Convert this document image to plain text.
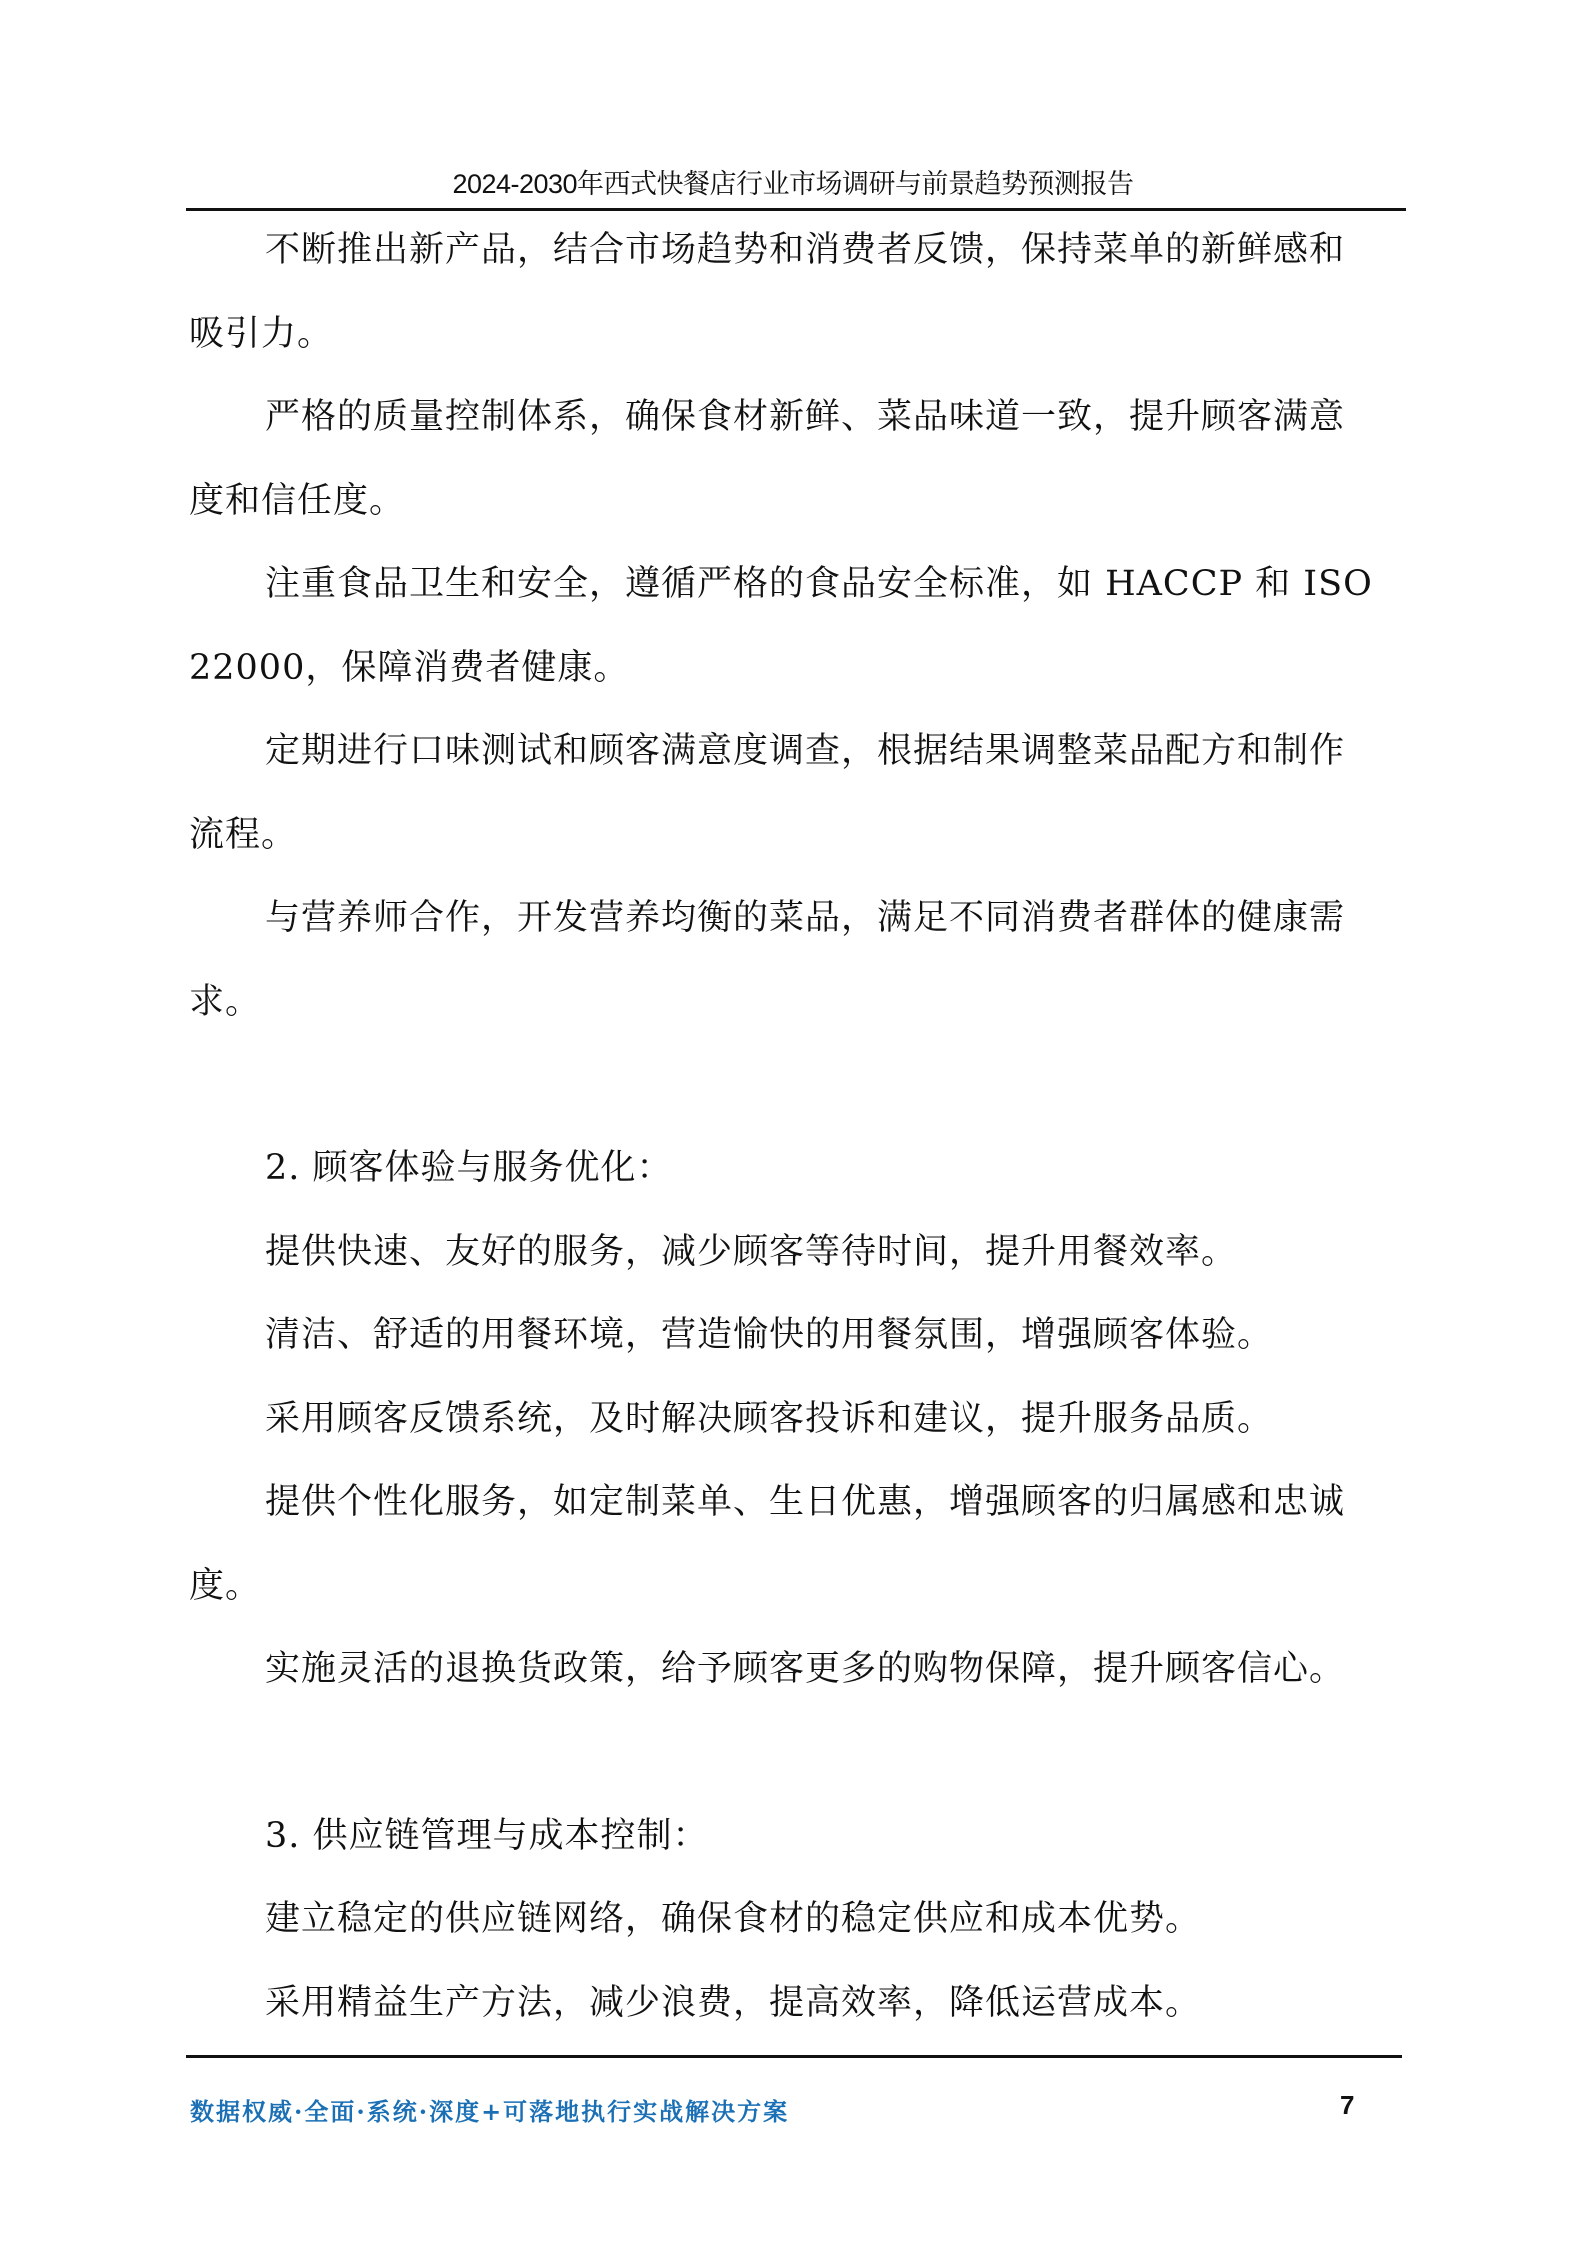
2024-2030年西式快餐店行业市场调研与前景趋势预测报告
不断推出新产品，结合市场趋势和消费者反馈，保持菜单的新鲜感和
吸引力。
严格的质量控制体系，确保食材新鲜、菜品味道一致，提升顾客满意
度和信任度。
注重食品卫生和安全，遵循严格的食品安全标准，如 HACCP 和 ISO
22000，保障消费者健康。
定期进行口味测试和顾客满意度调查，根据结果调整菜品配方和制作
流程。
与营养师合作，开发营养均衡的菜品，满足不同消费者群体的健康需
求。
2. 顾客体验与服务优化：
提供快速、友好的服务，减少顾客等待时间，提升用餐效率。
清洁、舒适的用餐环境，营造愉快的用餐氛围，增强顾客体验。
采用顾客反馈系统，及时解决顾客投诉和建议，提升服务品质。
提供个性化服务，如定制菜单、生日优惠，增强顾客的归属感和忠诚
度。
实施灵活的退换货政策，给予顾客更多的购物保障，提升顾客信心。
3. 供应链管理与成本控制：
建立稳定的供应链网络，确保食材的稳定供应和成本优势。
采用精益生产方法，减少浪费，提高效率，降低运营成本。
数据权威·全面·系统·深度+可落地执行实战解决方案	7
